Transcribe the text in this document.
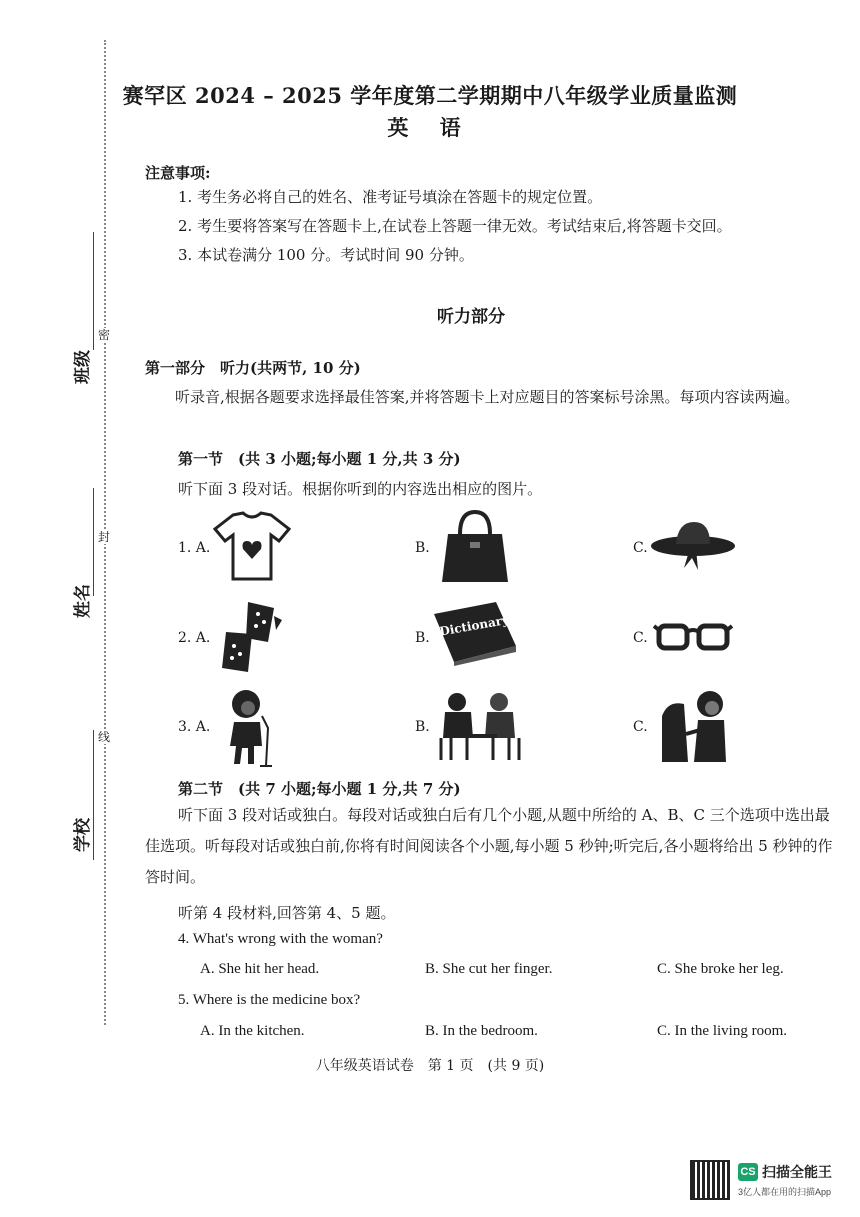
密
封
线
班级
姓名
学校
赛罕区 2024 – 2025 学年度第二学期期中八年级学业质量监测
英 语
注意事项:
1. 考生务必将自己的姓名、准考证号填涂在答题卡的规定位置。
2. 考生要将答案写在答题卡上,在试卷上答题一律无效。考试结束后,将答题卡交回。
3. 本试卷满分 100 分。考试时间 90 分钟。
听力部分
第一部分　听力(共两节, 10 分)
听录音,根据各题要求选择最佳答案,并将答题卡上对应题目的答案标号涂黑。每项内容读两遍。
第一节　(共 3 小题;每小题 1 分,共 3 分)
听下面 3 段对话。根据你听到的内容选出相应的图片。
1. A.	B.	C.
2. A.	B. Dictionary	C.
3. A.	B.	C.
第二节　(共 7 小题;每小题 1 分,共 7 分)
听下面 3 段对话或独白。每段对话或独白后有几个小题,从题中所给的 A、B、C 三个选项中选出最佳选项。听每段对话或独白前,你将有时间阅读各个小题,每小题 5 秒钟;听完后,各小题将给出 5 秒钟的作答时间。
听第 4 段材料,回答第 4、5 题。
4. What's wrong with the woman?
A. She hit her head.	B. She cut her finger.	C. She broke her leg.
5. Where is the medicine box?
A. In the kitchen.	B. In the bedroom.	C. In the living room.
八年级英语试卷　第 1 页　(共 9 页)
CS 扫描全能王
3亿人都在用的扫描App
